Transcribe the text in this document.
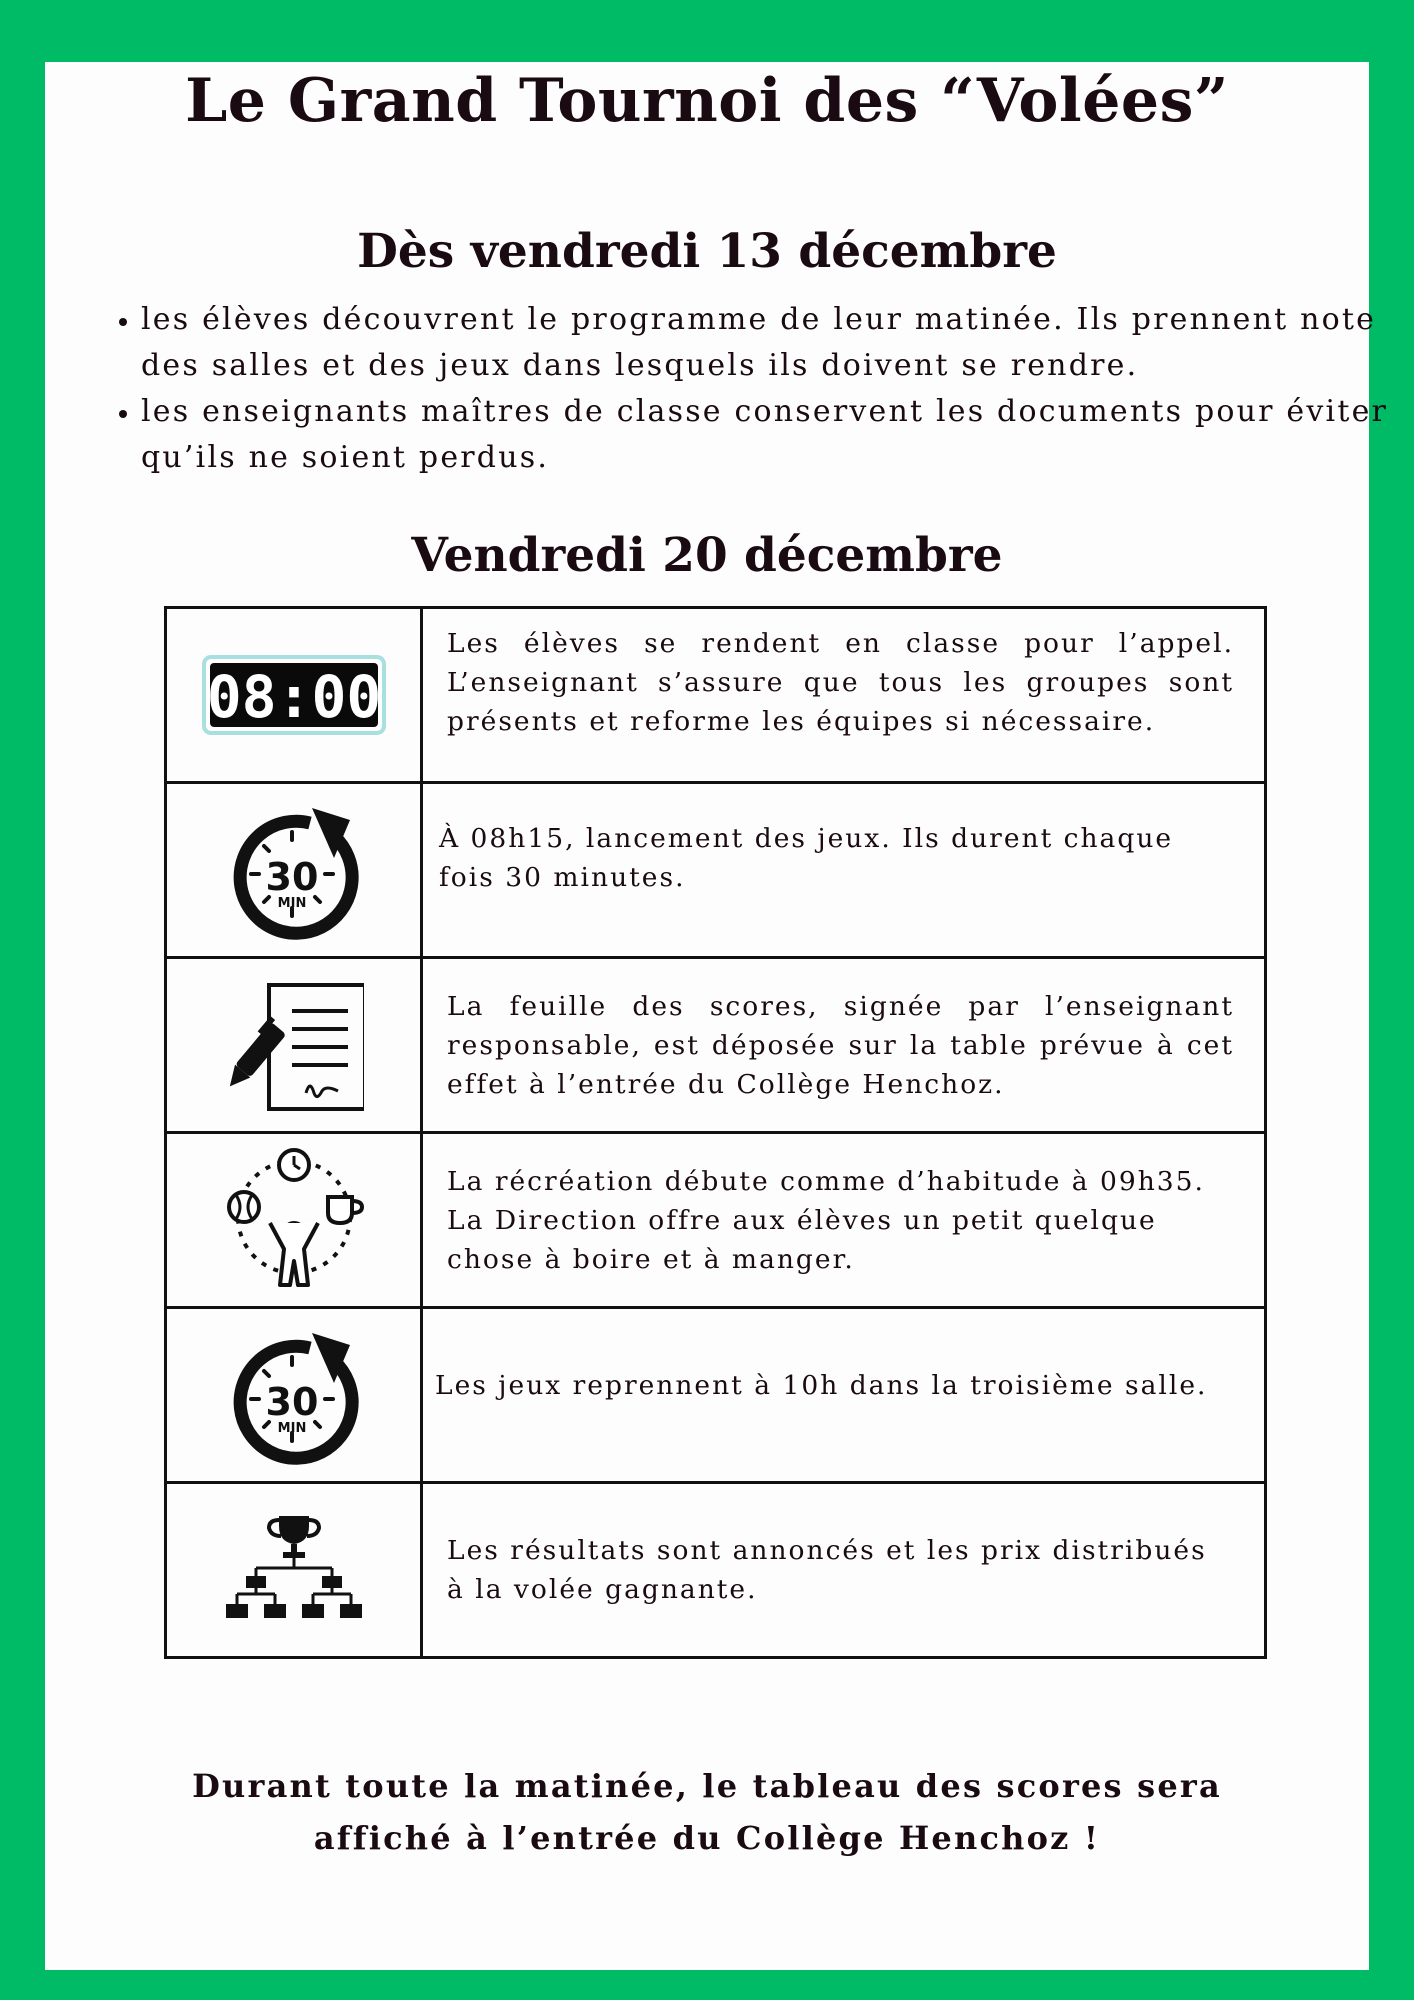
Le Grand Tournoi des “Volées”
Dès vendredi 13 décembre
• les élèves découvrent le programme de leur matinée. Ils prennent note des salles et des jeux dans lesquels ils doivent se rendre.
• les enseignants maîtres de classe conservent les documents pour éviter qu’ils ne soient perdus.
Vendredi 20 décembre
08:00	Les élèves se rendent en classe pour l’appel. L’enseignant s’assure que tous les groupes sont présents et reforme les équipes si nécessaire.

30
MIN	À 08h15, lancement des jeux. Ils durent chaque fois 30 minutes.

La feuille des scores, signée par l’enseignant responsable, est déposée sur la table prévue à cet effet à l’entrée du Collège Henchoz.

La récréation débute comme d’habitude à 09h35. La Direction offre aux élèves un petit quelque chose à boire et à manger.

30
MIN	Les jeux reprennent à 10h dans la troisième salle.

Les résultats sont annoncés et les prix distribués à la volée gagnante.
Durant toute la matinée, le tableau des scores sera affiché à l’entrée du Collège Henchoz !
